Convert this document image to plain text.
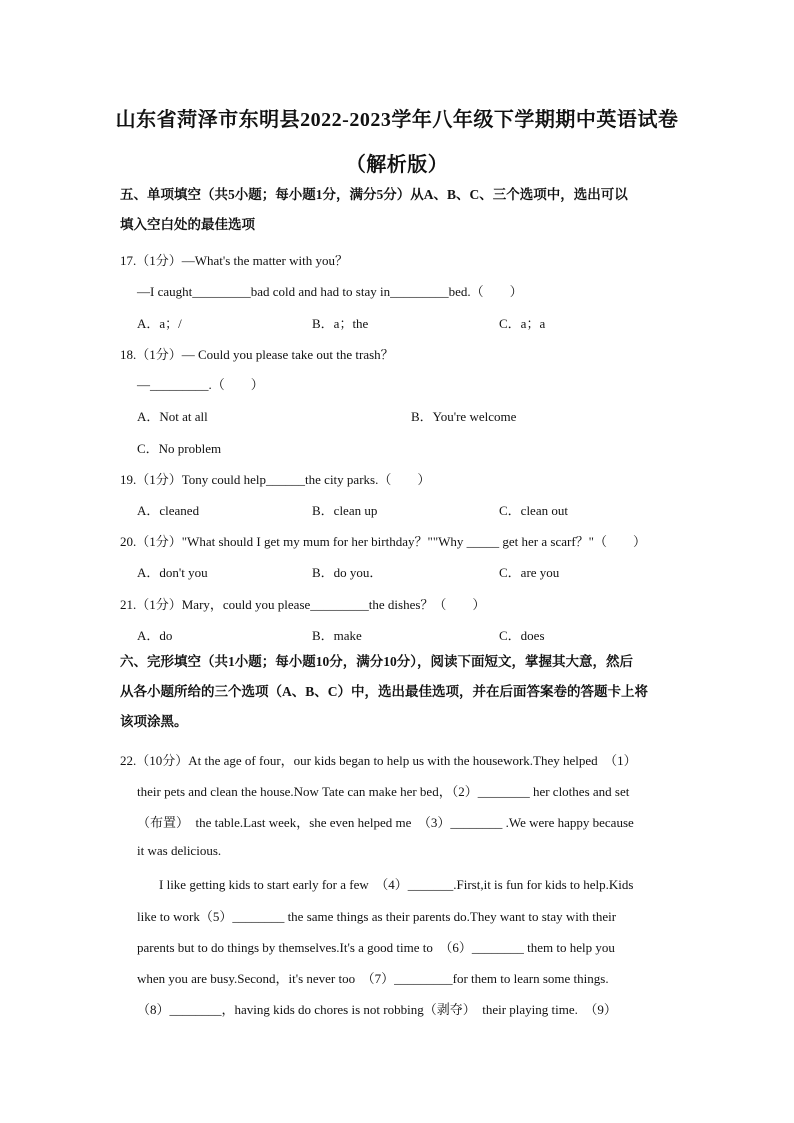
山东省菏泽市东明县2022-2023学年八年级下学期期中英语试卷
（解析版）
五、单项填空（共5小题；每小题1分，满分5分）从A、B、C、三个选项中，选出可以
填入空白处的最佳选项
17.（1分）—What's the matter with you？
—I caught_________bad cold and had to stay in_________bed.（　　）
A．a；/	B．a；the	C．a；a
18.（1分）— Could you please take out the trash？
—_________.（　　）
A．Not at all	B．You're welcome
C．No problem
19.（1分）Tony could help______the city parks.（　　）
A．cleaned	B．clean up	C．clean out
20.（1分）"What should I get my mum for her birthday？""Why _____ get her a scarf？"（　　）
A．don't you	B．do you．	C．are you
21.（1分）Mary，could you please_________the dishes？（　　）
A．do	B．make	C．does
六、完形填空（共1小题；每小题10分，满分10分），阅读下面短文，掌握其大意，然后
从各小题所给的三个选项（A、B、C）中，选出最佳选项，并在后面答案卷的答题卡上将
该项涂黑。
22.（10分）At the age of four，our kids began to help us with the housework.They helped　（1）
their pets and clean the house.Now Tate can make her bed，（2）________ her clothes and set
（布置）　the table.Last week，she even helped me　（3）________ .We were happy because
it was delicious.
I like getting kids to start early for a few　（4）_______.First,it is fun for kids to help.Kids
like to work（5）________ the same things as their parents do.They want to stay with their
parents but to do things by themselves.It's a good time to　（6）________ them to help you
when you are busy.Second，it's never too　（7）_________for them to learn some things.
（8）________，having kids do chores is not robbing（剥夺）　their playing time.　（9）
